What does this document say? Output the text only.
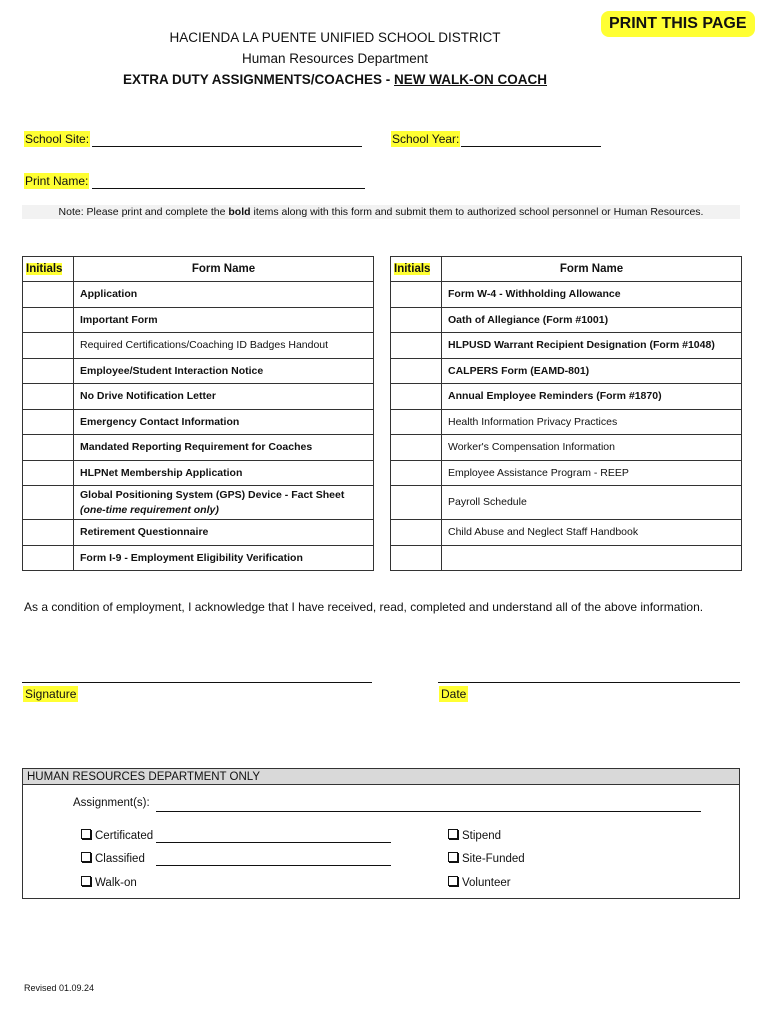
PRINT THIS PAGE
HACIENDA LA PUENTE UNIFIED SCHOOL DISTRICT
Human Resources Department
EXTRA DUTY ASSIGNMENTS/COACHES - NEW WALK-ON COACH
School Site:	School Year:
Print Name:
Note: Please print and complete the bold items along with this form and submit them to authorized school personnel or Human Resources.
Initials	Form Name
	Application
	Important Form
	Required Certifications/Coaching ID Badges Handout
	Employee/Student Interaction Notice
	No Drive Notification Letter
	Emergency Contact Information
	Mandated Reporting Requirement for Coaches
	HLPNet Membership Application
	Global Positioning System (GPS) Device - Fact Sheet (one-time requirement only)
	Retirement Questionnaire
	Form I-9 - Employment Eligibility Verification
Initials	Form Name
	Form W-4 - Withholding Allowance
	Oath of Allegiance (Form #1001)
	HLPUSD Warrant Recipient Designation (Form #1048)
	CALPERS Form (EAMD-801)
	Annual Employee Reminders (Form #1870)
	Health Information Privacy Practices
	Worker's Compensation Information
	Employee Assistance Program - REEP
	Payroll Schedule
	Child Abuse and Neglect Staff Handbook

As a condition of employment, I acknowledge that I have received, read, completed and understand all of the above information.
Signature	Date
HUMAN RESOURCES DEPARTMENT ONLY
Assignment(s):
Certificated
Classified
Walk-on
Stipend
Site-Funded
Volunteer
Revised 01.09.24
